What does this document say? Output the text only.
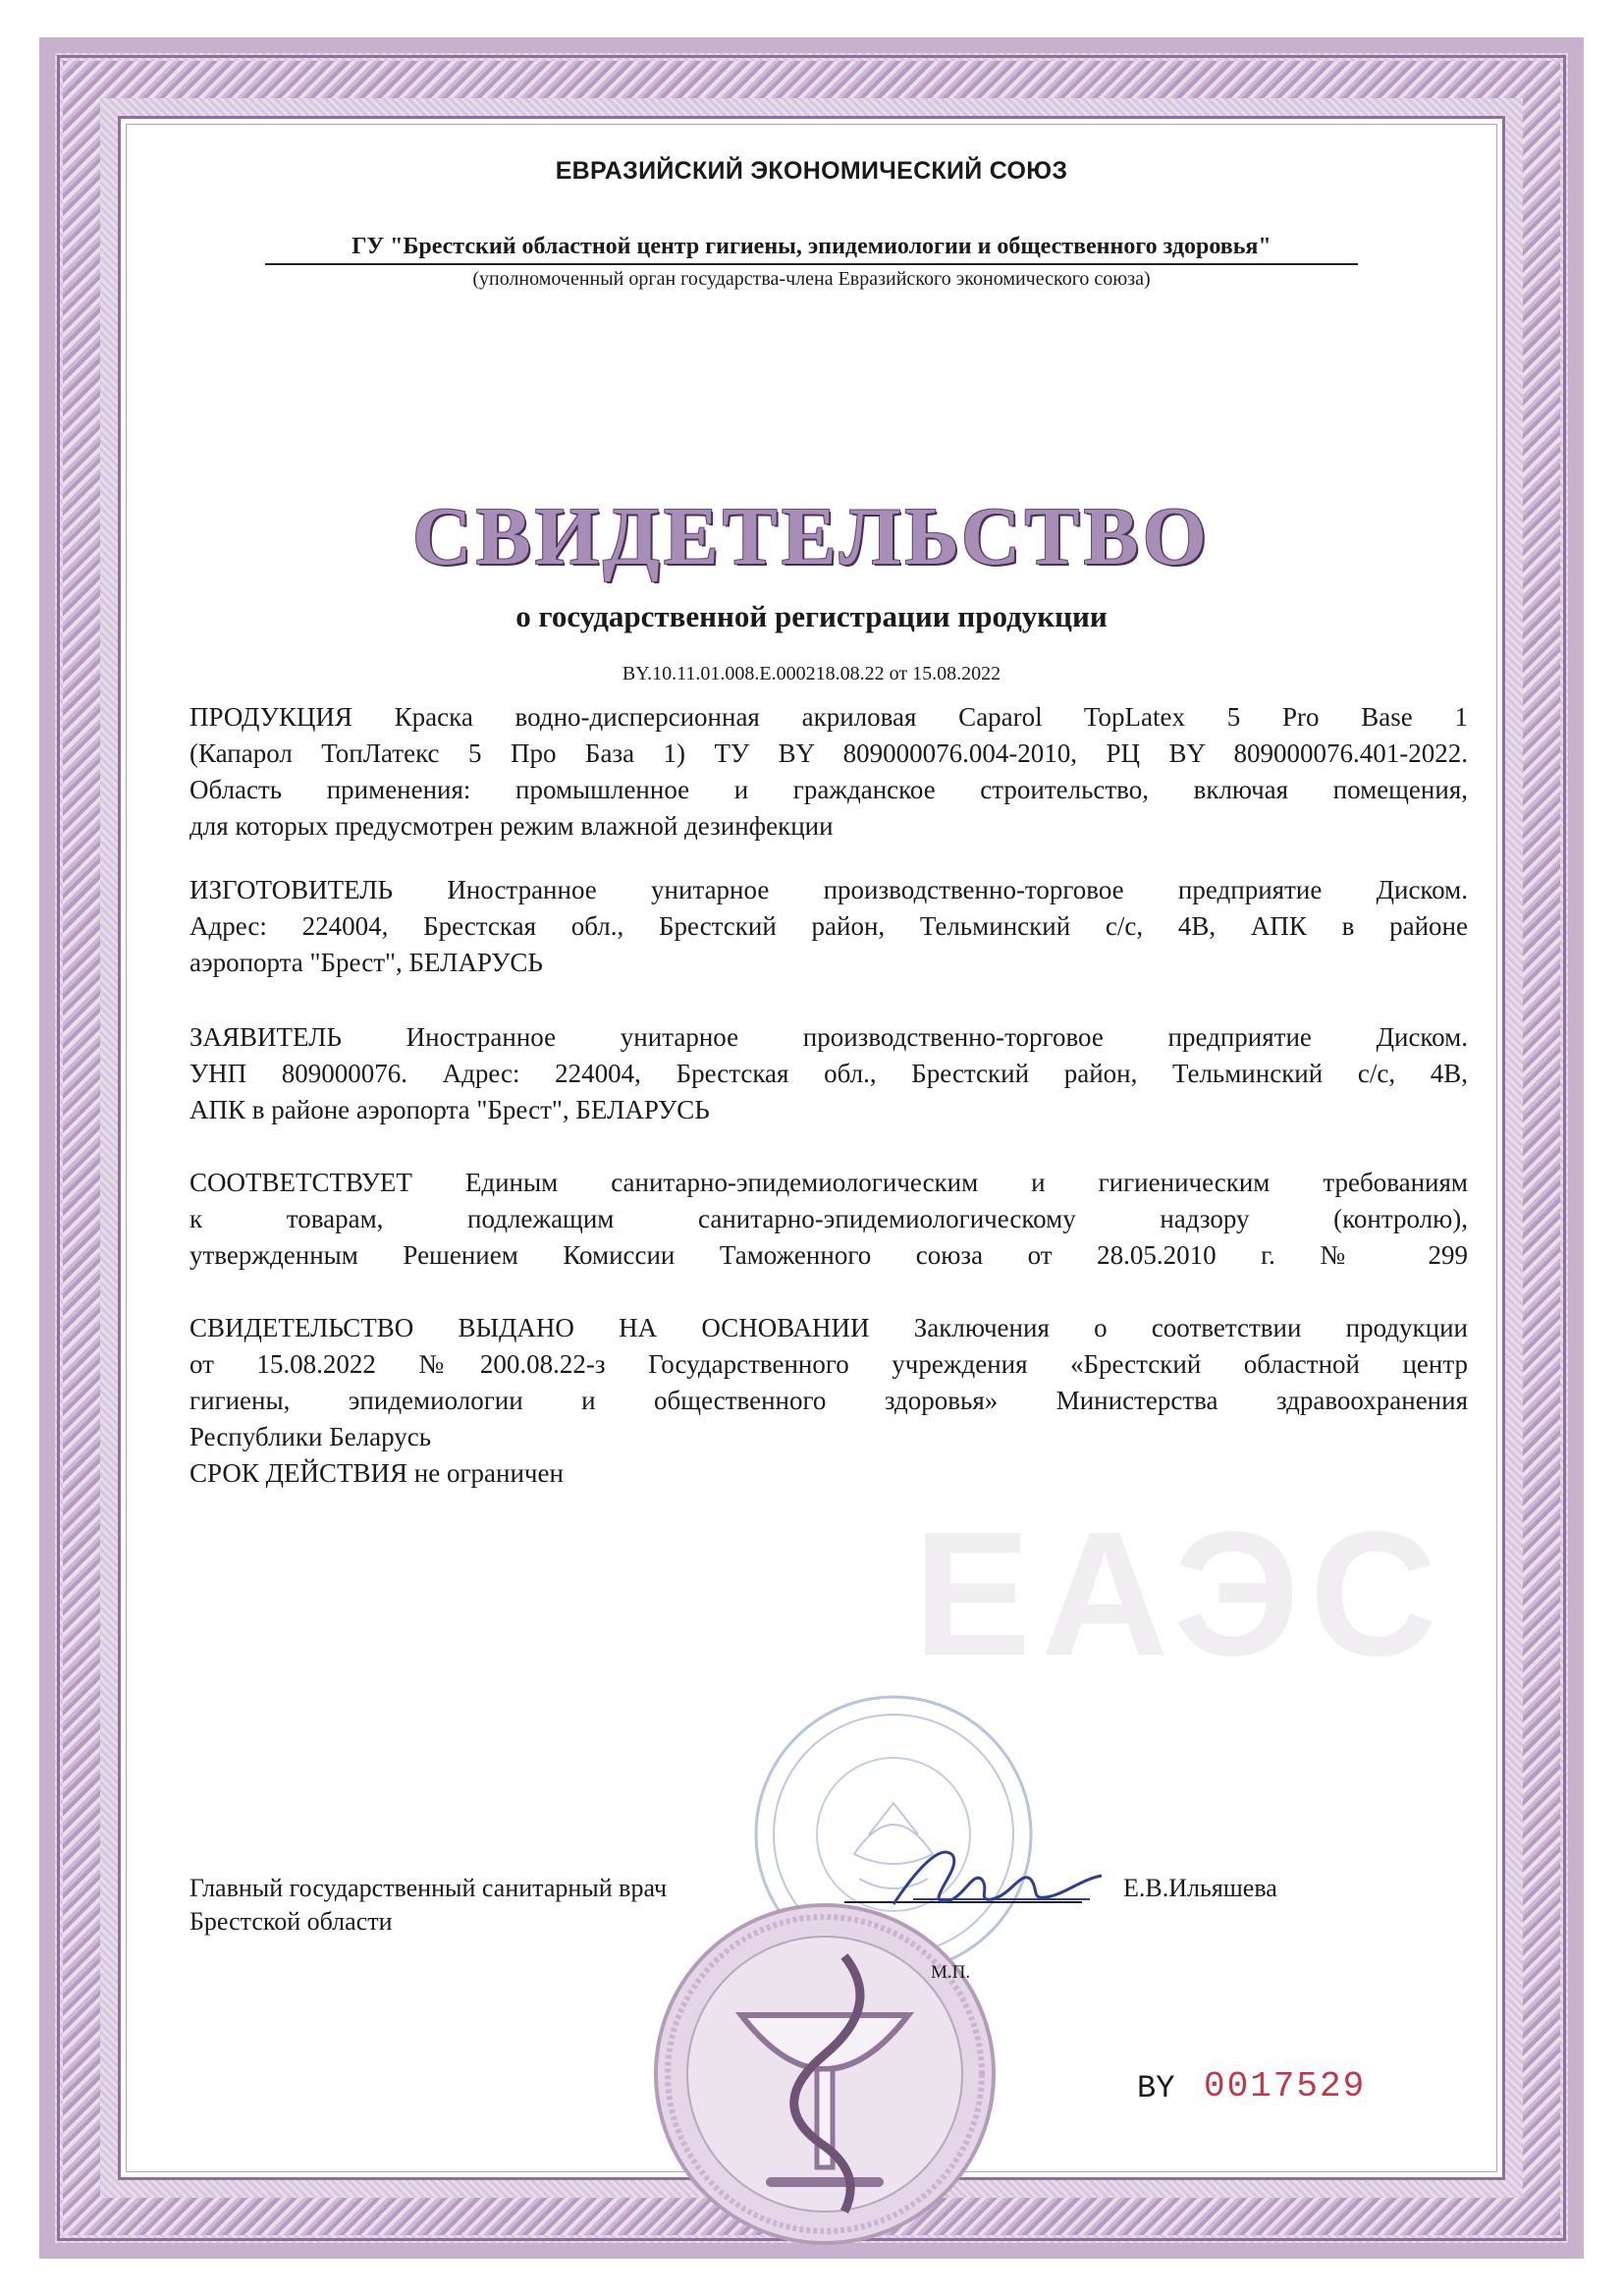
ЕАЭС
ЕВРАЗИЙСКИЙ ЭКОНОМИЧЕСКИЙ СОЮЗ
ГУ "Брестский областной центр гигиены, эпидемиологии и общественного здоровья"
(уполномоченный орган государства-члена Евразийского экономического союза)
СВИДЕТЕЛЬСТВО
о государственной регистрации продукции
BY.10.11.01.008.E.000218.08.22 от 15.08.2022
ПРОДУКЦИЯ Краска водно-дисперсионная акриловая Caparol TopLatex 5 Pro Base 1
(Капарол ТопЛатекс 5 Про База 1) ТУ BY 809000076.004-2010, РЦ BY 809000076.401-2022.
Область применения: промышленное и гражданское строительство, включая помещения,
для которых предусмотрен режим влажной дезинфекции
ИЗГОТОВИТЕЛЬ Иностранное унитарное производственно-торговое предприятие Диском.
Адрес: 224004, Брестская обл., Брестский район, Тельминский с/с, 4В, АПК в районе
аэропорта "Брест", БЕЛАРУСЬ
ЗАЯВИТЕЛЬ Иностранное унитарное производственно-торговое предприятие Диском.
УНП 809000076. Адрес: 224004, Брестская обл., Брестский район, Тельминский с/с, 4В,
АПК в районе аэропорта "Брест", БЕЛАРУСЬ
СООТВЕТСТВУЕТ Единым санитарно-эпидемиологическим и гигиеническим требованиям
к товарам, подлежащим санитарно-эпидемиологическому надзору (контролю),
утвержденным Решением Комиссии Таможенного союза от 28.05.2010 г. № 299
СВИДЕТЕЛЬСТВО ВЫДАНО НА ОСНОВАНИИ Заключения о соответствии продукции
от 15.08.2022 №200.08.22-з Государственного учреждения «Брестский областной центр
гигиены, эпидемиологии и общественного здоровья» Министерства здравоохранения
Республики Беларусь
СРОК ДЕЙСТВИЯ не ограничен
Главный государственный санитарный врач
Брестской области
Е.В.Ильяшева
М.П.
BY 0017529
